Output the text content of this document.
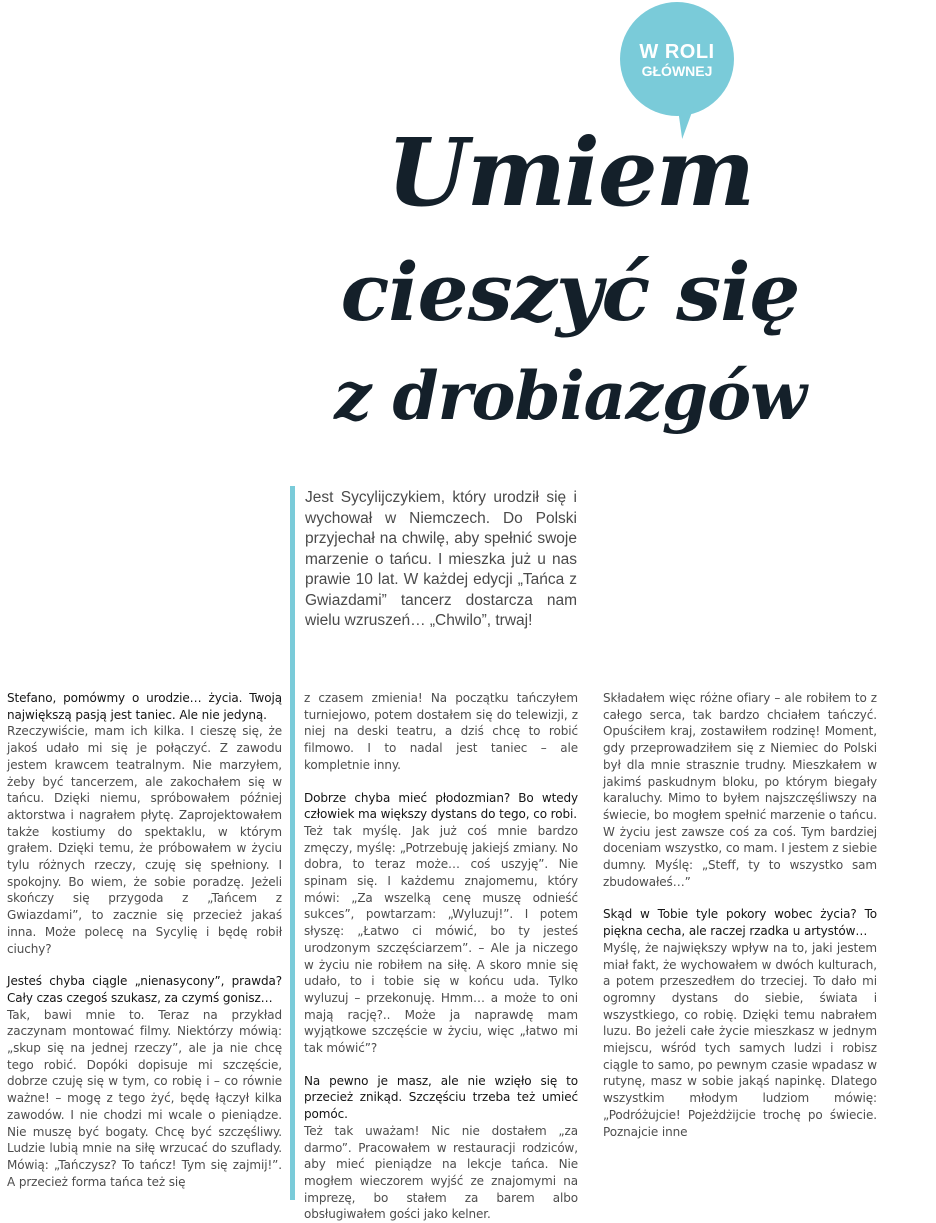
W ROLI
GŁÓWNEJ
Umiem
cieszyć się
z drobiazgów

Jest Sycylijczykiem, który urodził się i wychował w Niemczech. Do Polski przyjechał na chwilę, aby spełnić swoje marzenie o tańcu. I mieszka już u nas prawie 10 lat. W każdej edycji „Tańca z Gwiazdami” tancerz dostarcza nam wielu wzruszeń… „Chwilo”, trwaj!

Stefano, pomówmy o urodzie… życia. Twoją największą pasją jest taniec. Ale nie jedyną.

Rzeczywiście, mam ich kilka. I cieszę się, że jakoś udało mi się je połączyć. Z zawodu jestem krawcem teatralnym. Nie marzyłem, żeby być tancerzem, ale zakochałem się w tańcu. Dzięki niemu, spróbowałem później aktorstwa i nagrałem płytę. Zaprojektowałem także kostiumy do spektaklu, w którym grałem. Dzięki temu, że próbowałem w życiu tylu różnych rzeczy, czuję się spełniony. I spokojny. Bo wiem, że sobie poradzę. Jeżeli skończy się przygoda z „Tańcem z Gwiazdami”, to zacznie się przecież jakaś inna. Może polecę na Sycylię i będę robił ciuchy?

Jesteś chyba ciągle „nienasycony”, prawda? Cały czas czegoś szukasz, za czymś gonisz…

Tak, bawi mnie to. Teraz na przykład zaczynam montować filmy. Niektórzy mówią: „skup się na jednej rzeczy”, ale ja nie chcę tego robić. Dopóki dopisuje mi szczęście, dobrze czuję się w tym, co robię i – co równie ważne! – mogę z tego żyć, będę łączył kilka zawodów. I nie chodzi mi wcale o pieniądze. Nie muszę być bogaty. Chcę być szczęśliwy. Ludzie lubią mnie na siłę wrzucać do szuflady. Mówią: „Tańczysz? To tańcz! Tym się zajmij!”. A przecież forma tańca też się

z czasem zmienia! Na początku tańczyłem turniejowo, potem dostałem się do telewizji, z niej na deski teatru, a dziś chcę to robić filmowo. I to nadal jest taniec – ale kompletnie inny.

Dobrze chyba mieć płodozmian? Bo wtedy człowiek ma większy dystans do tego, co robi.

Też tak myślę. Jak już coś mnie bardzo zmęczy, myślę: „Potrzebuję jakiejś zmiany. No dobra, to teraz może… coś uszyję”. Nie spinam się. I każdemu znajomemu, który mówi: „Za wszelką cenę muszę odnieść sukces”, powtarzam: „Wyluzuj!”. I potem słyszę: „Łatwo ci mówić, bo ty jesteś urodzonym szczęściarzem”. – Ale ja niczego w życiu nie robiłem na siłę. A skoro mnie się udało, to i tobie się w końcu uda. Tylko wyluzuj – przekonuję. Hmm… a może to oni mają rację?.. Może ja naprawdę mam wyjątkowe szczęście w życiu, więc „łatwo mi tak mówić”?

Na pewno je masz, ale nie wzięło się to przecież znikąd. Szczęściu trzeba też umieć pomóc.

Też tak uważam! Nic nie dostałem „za darmo”. Pracowałem w restauracji rodziców, aby mieć pieniądze na lekcje tańca. Nie mogłem wieczorem wyjść ze znajomymi na imprezę, bo stałem za barem albo obsługiwałem gości jako kelner.

Składałem więc różne ofiary – ale robiłem to z całego serca, tak bardzo chciałem tańczyć. Opuściłem kraj, zostawiłem rodzinę! Moment, gdy przeprowadziłem się z Niemiec do Polski był dla mnie strasznie trudny. Mieszkałem w jakimś paskudnym bloku, po którym biegały karaluchy. Mimo to byłem najszczęśliwszy na świecie, bo mogłem spełnić marzenie o tańcu. W życiu jest zawsze coś za coś. Tym bardziej doceniam wszystko, co mam. I jestem z siebie dumny. Myślę: „Steff, ty to wszystko sam zbudowałeś…”

Skąd w Tobie tyle pokory wobec życia? To piękna cecha, ale raczej rzadka u artystów…

Myślę, że największy wpływ na to, jaki jestem miał fakt, że wychowałem w dwóch kulturach, a potem przeszedłem do trzeciej. To dało mi ogromny dystans do siebie, świata i wszystkiego, co robię. Dzięki temu nabrałem luzu. Bo jeżeli całe życie mieszkasz w jednym miejscu, wśród tych samych ludzi i robisz ciągle to samo, po pewnym czasie wpadasz w rutynę, masz w sobie jakąś napinkę. Dlatego wszystkim młodym ludziom mówię: „Podróżujcie! Pojeżdżijcie trochę po świecie. Poznajcie inne
